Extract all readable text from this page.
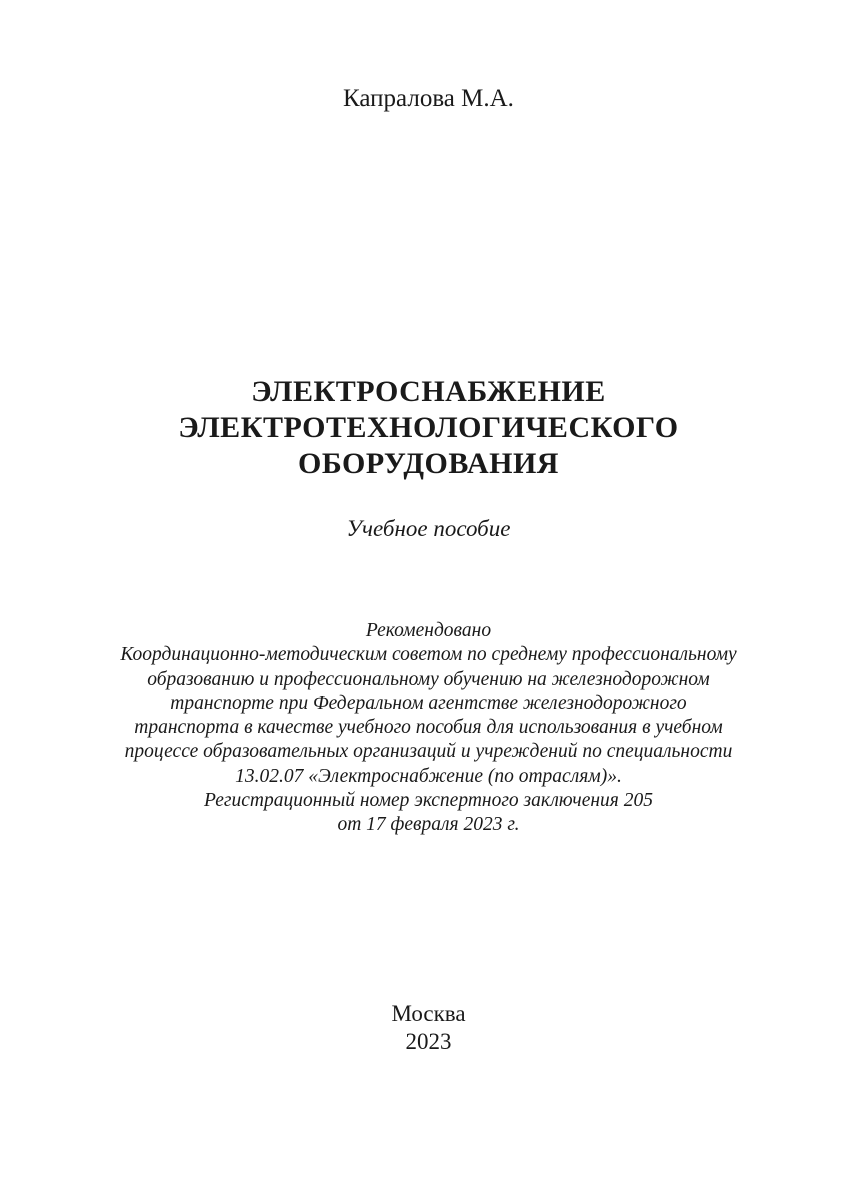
Капралова М.А.
ЭЛЕКТРОСНАБЖЕНИЕ
ЭЛЕКТРОТЕХНОЛОГИЧЕСКОГО
ОБОРУДОВАНИЯ
Учебное пособие
Рекомендовано
Координационно-методическим советом по среднему профессиональному
образованию и профессиональному обучению на железнодорожном
транспорте при Федеральном агентстве железнодорожного
транспорта в качестве учебного пособия для использования в учебном
процессе образовательных организаций и учреждений по специальности
13.02.07 «Электроснабжение (по отраслям)».
Регистрационный номер экспертного заключения 205
от 17 февраля 2023 г.
Москва
2023
